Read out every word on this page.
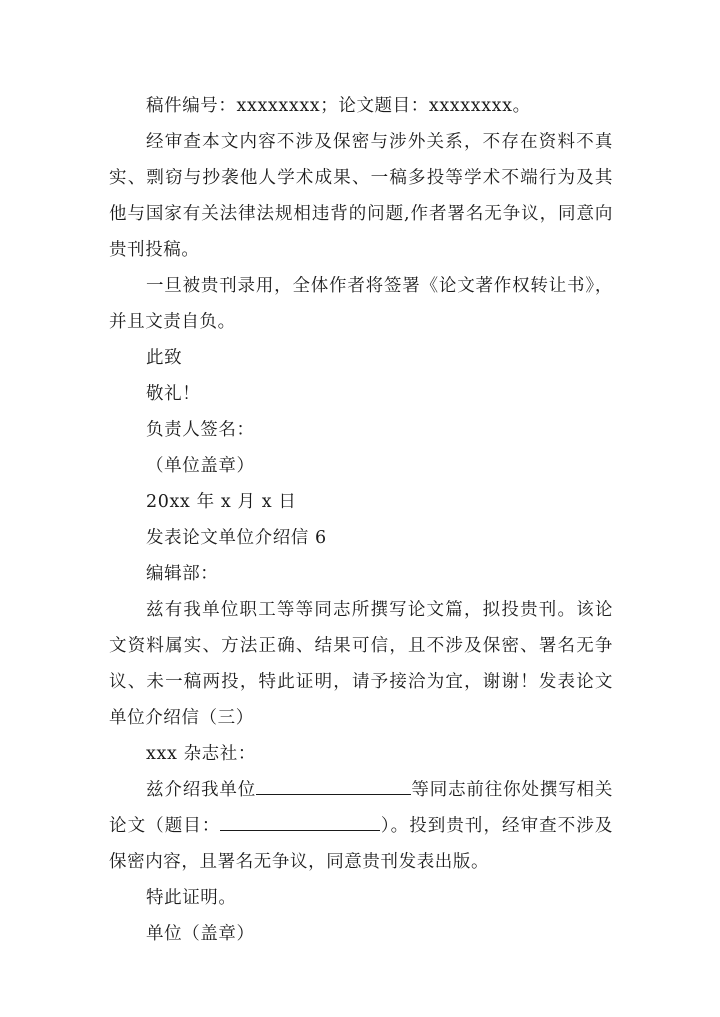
稿件编号：xxxxxxxx；论文题目：xxxxxxxx。

经审查本文内容不涉及保密与涉外关系，不存在资料不真实、剽窃与抄袭他人学术成果、一稿多投等学术不端行为及其他与国家有关法律法规相违背的问题,作者署名无争议，同意向贵刊投稿。

一旦被贵刊录用，全体作者将签署《论文著作权转让书》，并且文责自负。

此致

敬礼！

负责人签名：

（单位盖章）

20xx 年 x 月 x 日

发表论文单位介绍信 6

编辑部：

兹有我单位职工等等同志所撰写论文篇，拟投贵刊。该论文资料属实、方法正确、结果可信，且不涉及保密、署名无争议、未一稿两投，特此证明，请予接洽为宜，谢谢！发表论文单位介绍信（三）

xxx 杂志社：

兹介绍我单位	等同志前往你处撰写相关论文（题目：	）。投到贵刊，经审查不涉及保密内容，且署名无争议，同意贵刊发表出版。

特此证明。

单位（盖章）
